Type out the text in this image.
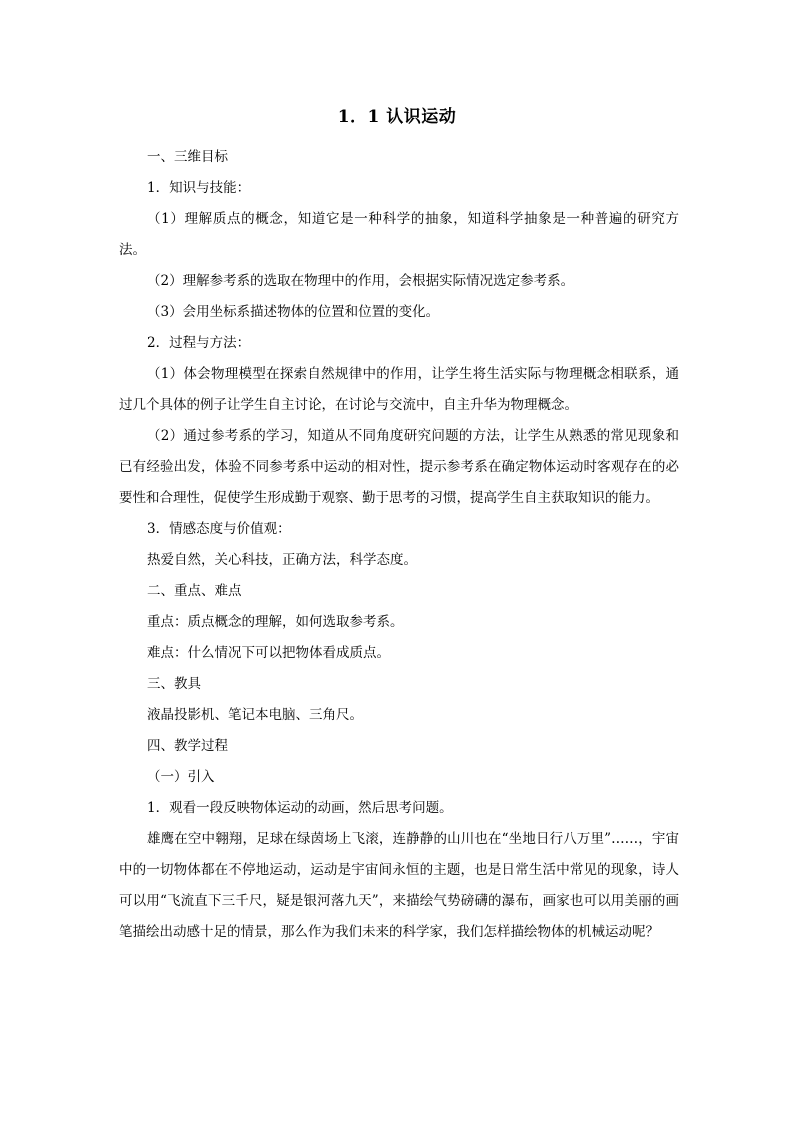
1．1 认识运动

一、三维目标

1．知识与技能：

（1）理解质点的概念，知道它是一种科学的抽象，知道科学抽象是一种普遍的研究方法。

（2）理解参考系的选取在物理中的作用，会根据实际情况选定参考系。

（3）会用坐标系描述物体的位置和位置的变化。

2．过程与方法：

（1）体会物理模型在探索自然规律中的作用，让学生将生活实际与物理概念相联系，通过几个具体的例子让学生自主讨论，在讨论与交流中，自主升华为物理概念。

（2）通过参考系的学习，知道从不同角度研究问题的方法，让学生从熟悉的常见现象和已有经验出发，体验不同参考系中运动的相对性，提示参考系在确定物体运动时客观存在的必要性和合理性，促使学生形成勤于观察、勤于思考的习惯，提高学生自主获取知识的能力。

3．情感态度与价值观：

热爱自然，关心科技，正确方法，科学态度。

二、重点、难点

重点：质点概念的理解，如何选取参考系。

难点：什么情况下可以把物体看成质点。

三、教具

液晶投影机、笔记本电脑、三角尺。

四、教学过程

（一）引入

1．观看一段反映物体运动的动画，然后思考问题。

雄鹰在空中翱翔，足球在绿茵场上飞滚，连静静的山川也在“坐地日行八万里”……，宇宙中的一切物体都在不停地运动，运动是宇宙间永恒的主题，也是日常生活中常见的现象，诗人可以用“飞流直下三千尺，疑是银河落九天”，来描绘气势磅礴的瀑布，画家也可以用美丽的画笔描绘出动感十足的情景，那么作为我们未来的科学家，我们怎样描绘物体的机械运动呢？
